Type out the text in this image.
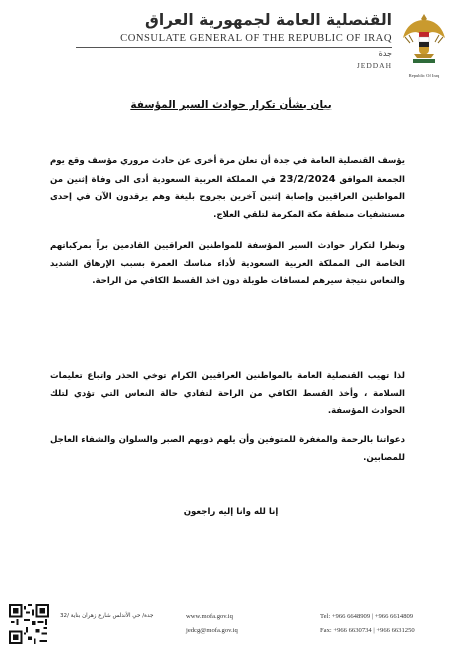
Republic Of Iraq
القنصلية العامة لجمهورية العراق
CONSULATE GENERAL OF THE REPUBLIC OF IRAQ
جدة
JEDDAH
بيان بشأن تكرار حوادث السير المؤسفة
يؤسف القنصلية العامة في جدة أن تعلن مرة أخرى عن حادث مروري مؤسف وقع يوم الجمعة الموافق 23/2/2024 في المملكة العربية السعودية أدى الى وفاة إثنين من المواطنين العراقيين وإصابة إثنين آخرين بجروح بليغة وهم يرقدون الآن في إحدى مستشفيات منطقة مكة المكرمة لتلقي العلاج.
ونظرا لتكرار حوادث السير المؤسفة للمواطنين العراقيين القادمين براً بمركباتهم الخاصة الى المملكة العربية السعودية لأداء مناسك العمرة بسبب الإرهاق الشديد والنعاس نتيجة سيرهم لمسافات طويلة دون اخذ القسط الكافي من الراحة.
لذا تهيب القنصلية العامة بالمواطنين العراقيين الكرام توخي الحذر واتباع تعليمات السلامة ، وأخذ القسط الكافي من الراحة لتفادي حالة النعاس التي تؤدي لتلك الحوادث المؤسفة.
دعواتنا بالرحمة والمغفرة للمتوفين وأن يلهم ذويهم الصبر والسلوان والشفاء العاجل للمصابين.
إنا لله وانا إليه راجعون
جدة/ حي الأندلس شارع زهران بناية /32	www.mofa.gov.iq
jedcg@mofa.gov.iq
Tel: +966 6648909 | +966 6614809
Fax: +966 6630734 | +966 6631250
